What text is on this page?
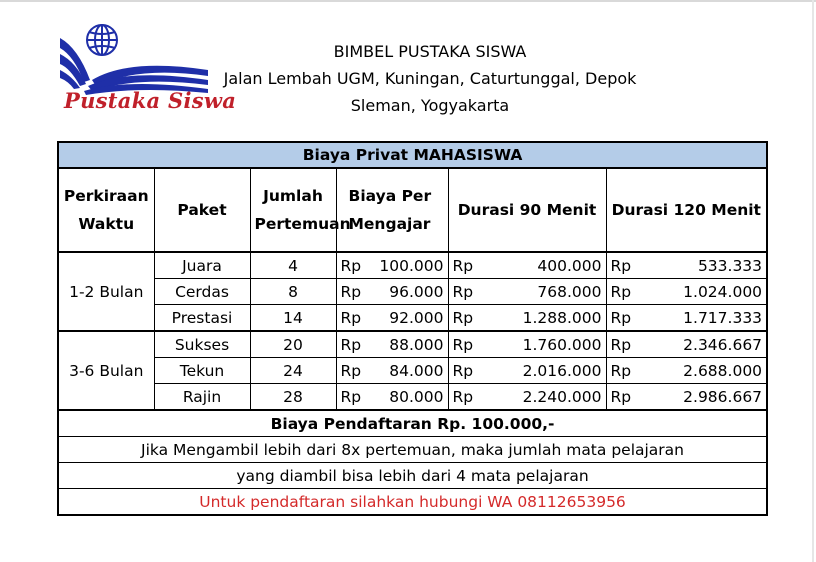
Pustaka Siswa
BIMBEL PUSTAKA SISWA
Jalan Lembah UGM, Kuningan, Caturtunggal, Depok
Sleman, Yogyakarta
Biaya Privat MAHASISWA					
Perkiraan Waktu	Paket	Jumlah Pertemuan	Biaya Per Mengajar	Durasi 90 Menit	Durasi 120 Menit
1-2 Bulan	Juara	4	Rp 100.000	Rp 400.000	Rp 533.333

	Cerdas	8	Rp 96.000	Rp 768.000	Rp 1.024.000

	Prestasi	14	Rp 92.000	Rp 1.288.000	Rp 1.717.333

3-6 Bulan	Sukses	20	Rp 88.000	Rp 1.760.000	Rp 2.346.667

	Tekun	24	Rp 84.000	Rp 2.016.000	Rp 2.688.000

	Rajin	28	Rp 80.000	Rp 2.240.000	Rp 2.986.667

Biaya Pendaftaran Rp. 100.000,-					
Jika Mengambil lebih dari 8x pertemuan, maka jumlah mata pelajaran					
yang diambil bisa lebih dari 4 mata pelajaran					
Untuk pendaftaran silahkan hubungi WA 08112653956					
